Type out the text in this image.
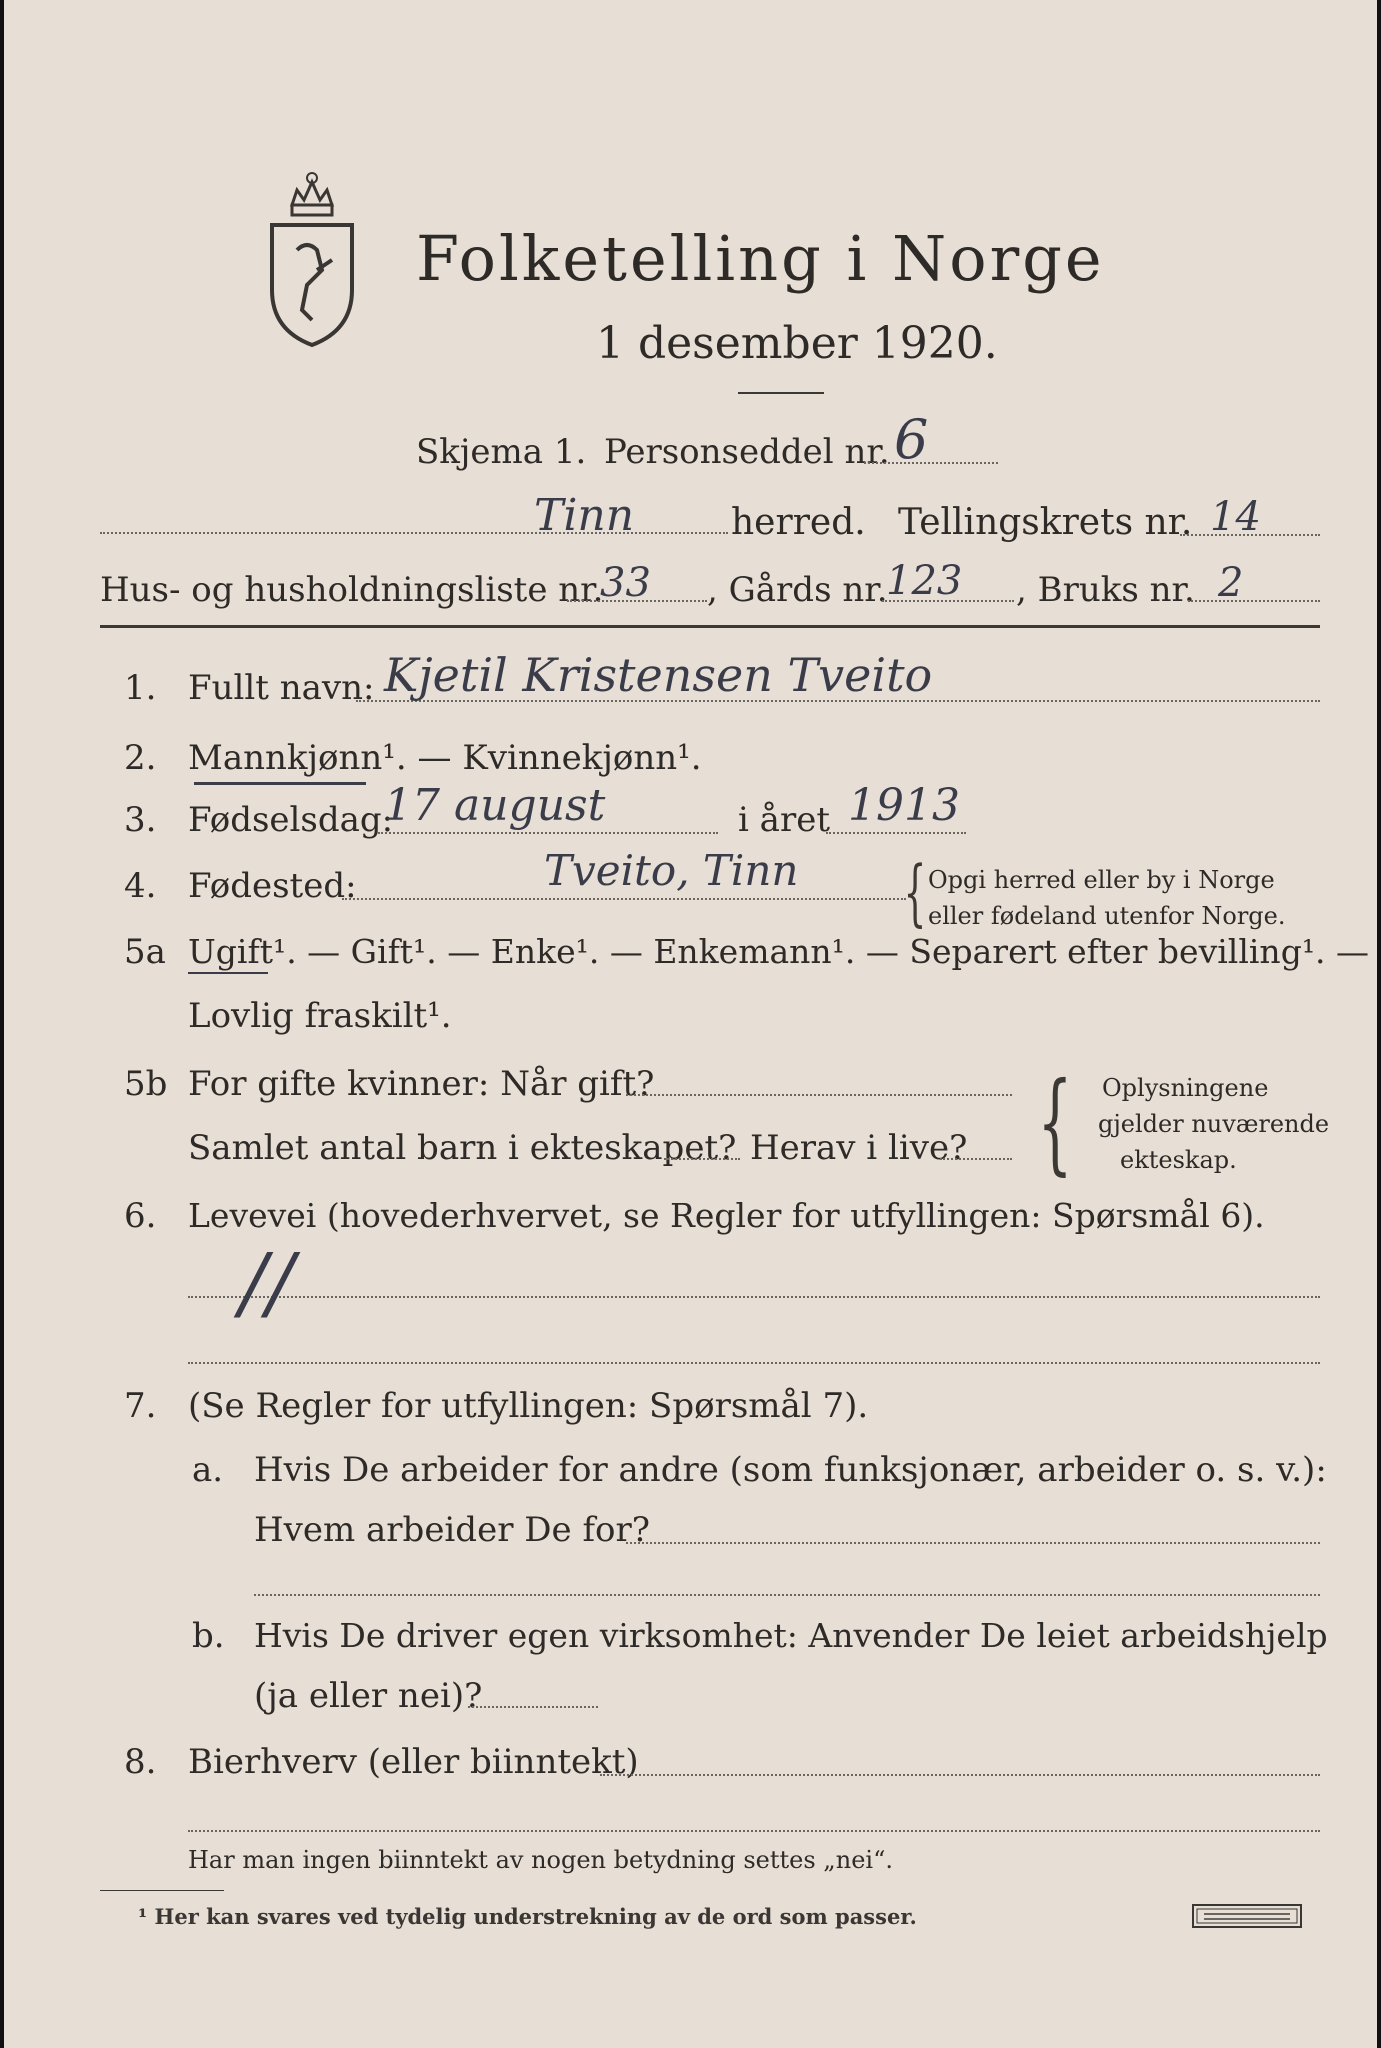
Folketelling i Norge
1 desember 1920.
Skjema 1. Personseddel nr. 6
Tinn	herred. Tellingskrets nr. 14
Hus- og husholdningsliste nr.
33 , Gårds nr.
123 , Bruks nr. 2
1. Fullt navn: Kjetil Kristensen Tveito
2. Mannkjønn¹. — Kvinnekjønn¹.
3. Fødselsdag:
17 august	i året 1913
4. Fødested:	Tveito, Tinn { Opgi herred eller by i Norge
eller fødeland utenfor Norge.
5a Ugift¹. — Gift¹. — Enke¹. — Enkemann¹. — Separert efter bevilling¹. —
Lovlig fraskilt¹.
5b For gifte kvinner: Når gift?
Samlet antal barn i ekteskapet? Herav i live? { Oplysningene
gjelder nuværende
ekteskap.
6. Levevei (hovederhvervet, se Regler for utfyllingen: Spørsmål 6).
//
7. (Se Regler for utfyllingen: Spørsmål 7).
a. Hvis De arbeider for andre (som funksjonær, arbeider o. s. v.):
Hvem arbeider De for?
b. Hvis De driver egen virksomhet: Anvender De leiet arbeidshjelp
(ja eller nei)?
8. Bierhverv (eller biinntekt)
Har man ingen biinntekt av nogen betydning settes „nei“.
¹ Her kan svares ved tydelig understrekning av de ord som passer.
